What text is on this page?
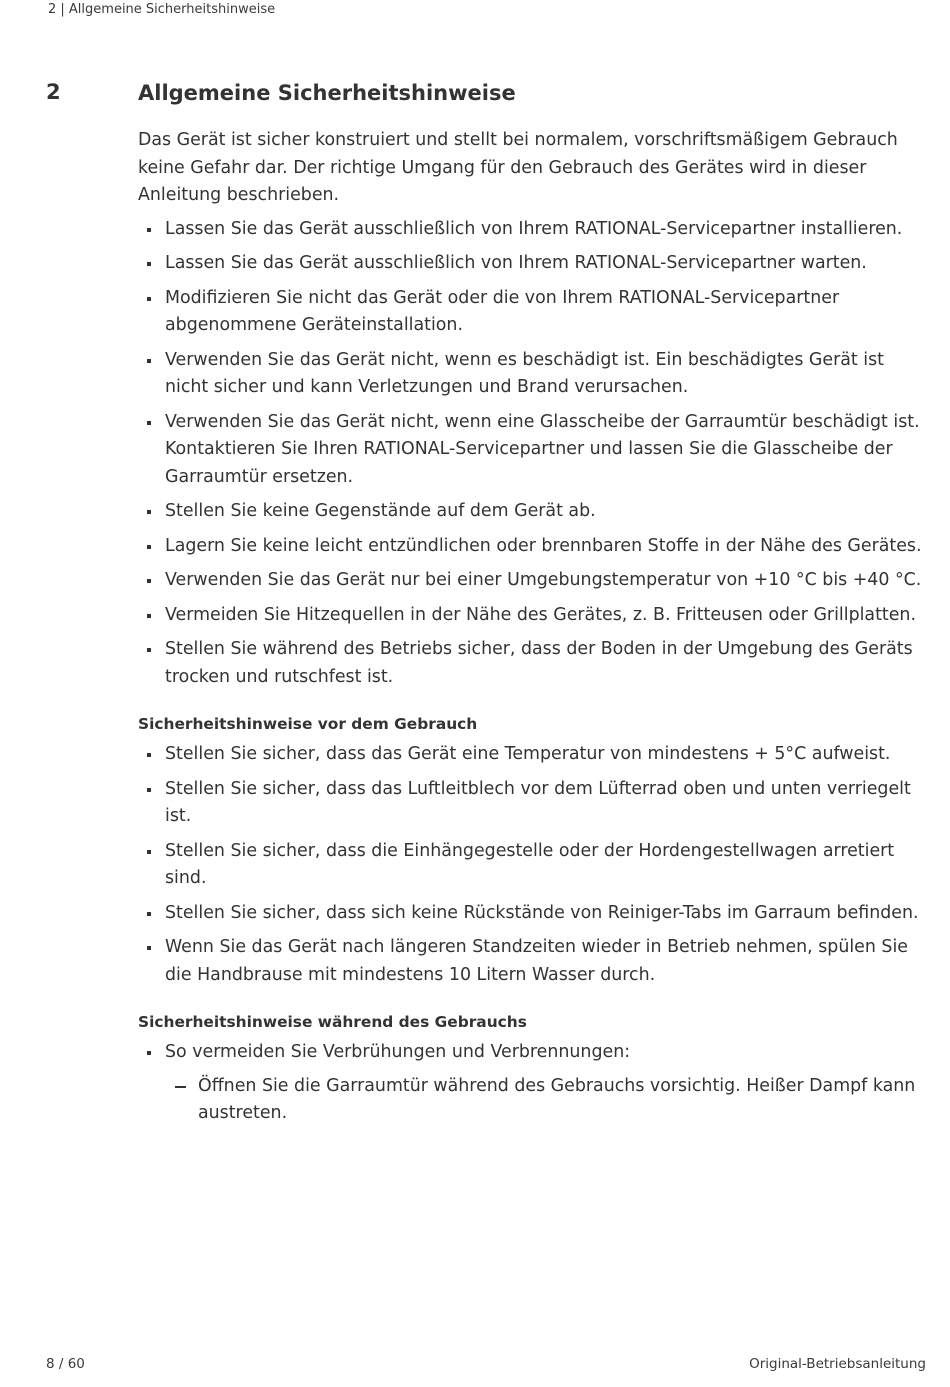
2 | Allgemeine Sicherheitshinweise
2	Allgemeine Sicherheitshinweise

Das Gerät ist sicher konstruiert und stellt bei normalem, vorschriftsmäßigem Gebrauch keine Gefahr dar. Der richtige Umgang für den Gebrauch des Gerätes wird in dieser Anleitung beschrieben.

Lassen Sie das Gerät ausschließlich von Ihrem RATIONAL-Servicepartner installieren.
Lassen Sie das Gerät ausschließlich von Ihrem RATIONAL-Servicepartner warten.
Modifizieren Sie nicht das Gerät oder die von Ihrem RATIONAL-Servicepartner abgenommene Geräteinstallation.
Verwenden Sie das Gerät nicht, wenn es beschädigt ist. Ein beschädigtes Gerät ist nicht sicher und kann Verletzungen und Brand verursachen.
Verwenden Sie das Gerät nicht, wenn eine Glasscheibe der Garraumtür beschädigt ist. Kontaktieren Sie Ihren RATIONAL-Servicepartner und lassen Sie die Glasscheibe der Garraumtür ersetzen.
Stellen Sie keine Gegenstände auf dem Gerät ab.
Lagern Sie keine leicht entzündlichen oder brennbaren Stoffe in der Nähe des Gerätes.
Verwenden Sie das Gerät nur bei einer Umgebungstemperatur von +10 °C bis +40 °C.
Vermeiden Sie Hitzequellen in der Nähe des Gerätes, z. B. Fritteusen oder Grillplatten.
Stellen Sie während des Betriebs sicher, dass der Boden in der Umgebung des Geräts trocken und rutschfest ist.
Sicherheitshinweise vor dem Gebrauch
Stellen Sie sicher, dass das Gerät eine Temperatur von mindestens + 5°C aufweist.
Stellen Sie sicher, dass das Luftleitblech vor dem Lüfterrad oben und unten verriegelt ist.
Stellen Sie sicher, dass die Einhängegestelle oder der Hordengestellwagen arretiert sind.
Stellen Sie sicher, dass sich keine Rückstände von Reiniger-Tabs im Garraum befinden.
Wenn Sie das Gerät nach längeren Standzeiten wieder in Betrieb nehmen, spülen Sie die Handbrause mit mindestens 10 Litern Wasser durch.
Sicherheitshinweise während des Gebrauchs
So vermeiden Sie Verbrühungen und Verbrennungen:
Öffnen Sie die Garraumtür während des Gebrauchs vorsichtig. Heißer Dampf kann austreten.
8 / 60	Original-Betriebsanleitung
